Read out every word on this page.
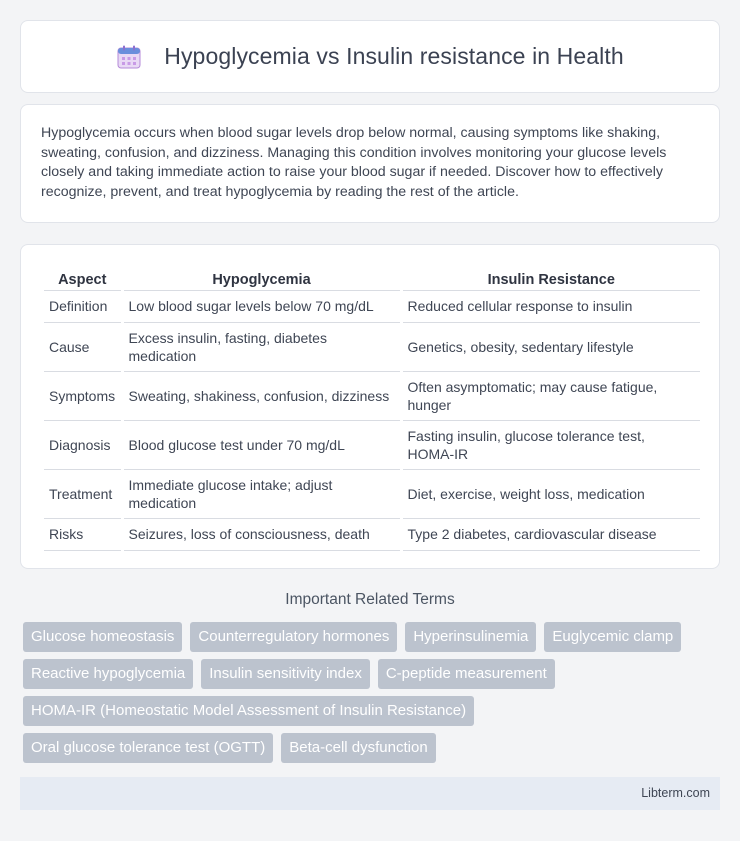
Hypoglycemia vs Insulin resistance in Health

Hypoglycemia occurs when blood sugar levels drop below normal, causing symptoms like shaking, sweating, confusion, and dizziness. Managing this condition involves monitoring your glucose levels closely and taking immediate action to raise your blood sugar if needed. Discover how to effectively recognize, prevent, and treat hypoglycemia by reading the rest of the article.

Aspect	Hypoglycemia	Insulin Resistance
Definition	Low blood sugar levels below 70 mg/dL	Reduced cellular response to insulin
Cause	Excess insulin, fasting, diabetes medication	Genetics, obesity, sedentary lifestyle
Symptoms	Sweating, shakiness, confusion, dizziness	Often asymptomatic; may cause fatigue, hunger
Diagnosis	Blood glucose test under 70 mg/dL	Fasting insulin, glucose tolerance test, HOMA-IR
Treatment	Immediate glucose intake; adjust medication	Diet, exercise, weight loss, medication
Risks	Seizures, loss of consciousness, death	Type 2 diabetes, cardiovascular disease
Important Related Terms
Glucose homeostasis	Counterregulatory hormones	Hyperinsulinemia	Euglycemic clamp
Reactive hypoglycemia	Insulin sensitivity index	C-peptide measurement
HOMA-IR (Homeostatic Model Assessment of Insulin Resistance)
Oral glucose tolerance test (OGTT)	Beta-cell dysfunction
Libterm.com
